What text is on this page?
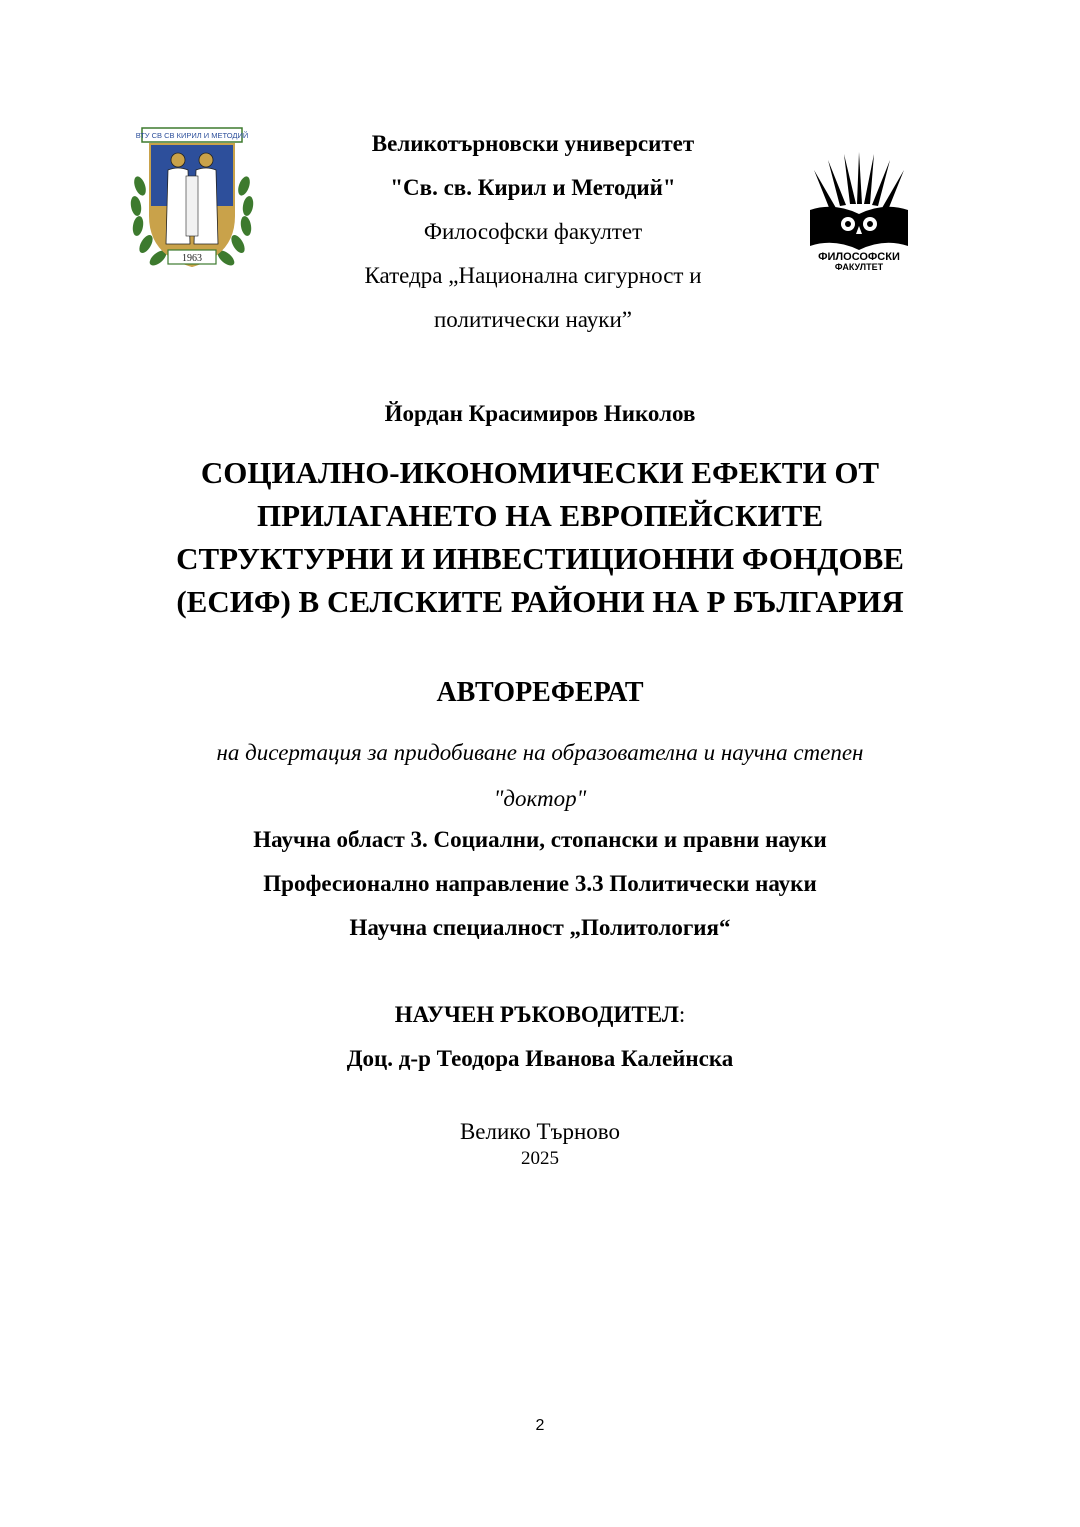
ВТУ СВ СВ КИРИЛ И МЕТОДИЙ
1963
Великотърновски университет
"Св. св. Кирил и Методий"
Философски факултет
Катедра „Национална сигурност и
политически науки”
ФИЛОСОФСКИ
ФАКУЛТЕТ
Йордан Красимиров Николов
СОЦИАЛНО-ИКОНОМИЧЕСКИ ЕФЕКТИ ОТ
ПРИЛАГАНЕТО НА ЕВРОПЕЙСКИТЕ
СТРУКТУРНИ И ИНВЕСТИЦИОННИ ФОНДОВЕ
(ЕСИФ) В СЕЛСКИТЕ РАЙОНИ НА Р БЪЛГАРИЯ
АВТОРЕФЕРАТ
на дисертация за придобиване на образователна и научна степен
"доктор"
Научна област 3. Социални, стопански и правни науки
Професионално направление 3.3 Политически науки
Научна специалност „Политология“
НАУЧЕН РЪКОВОДИТЕЛ:
Доц. д-р Теодора Иванова Калейнска
Велико Търново
2025
2
